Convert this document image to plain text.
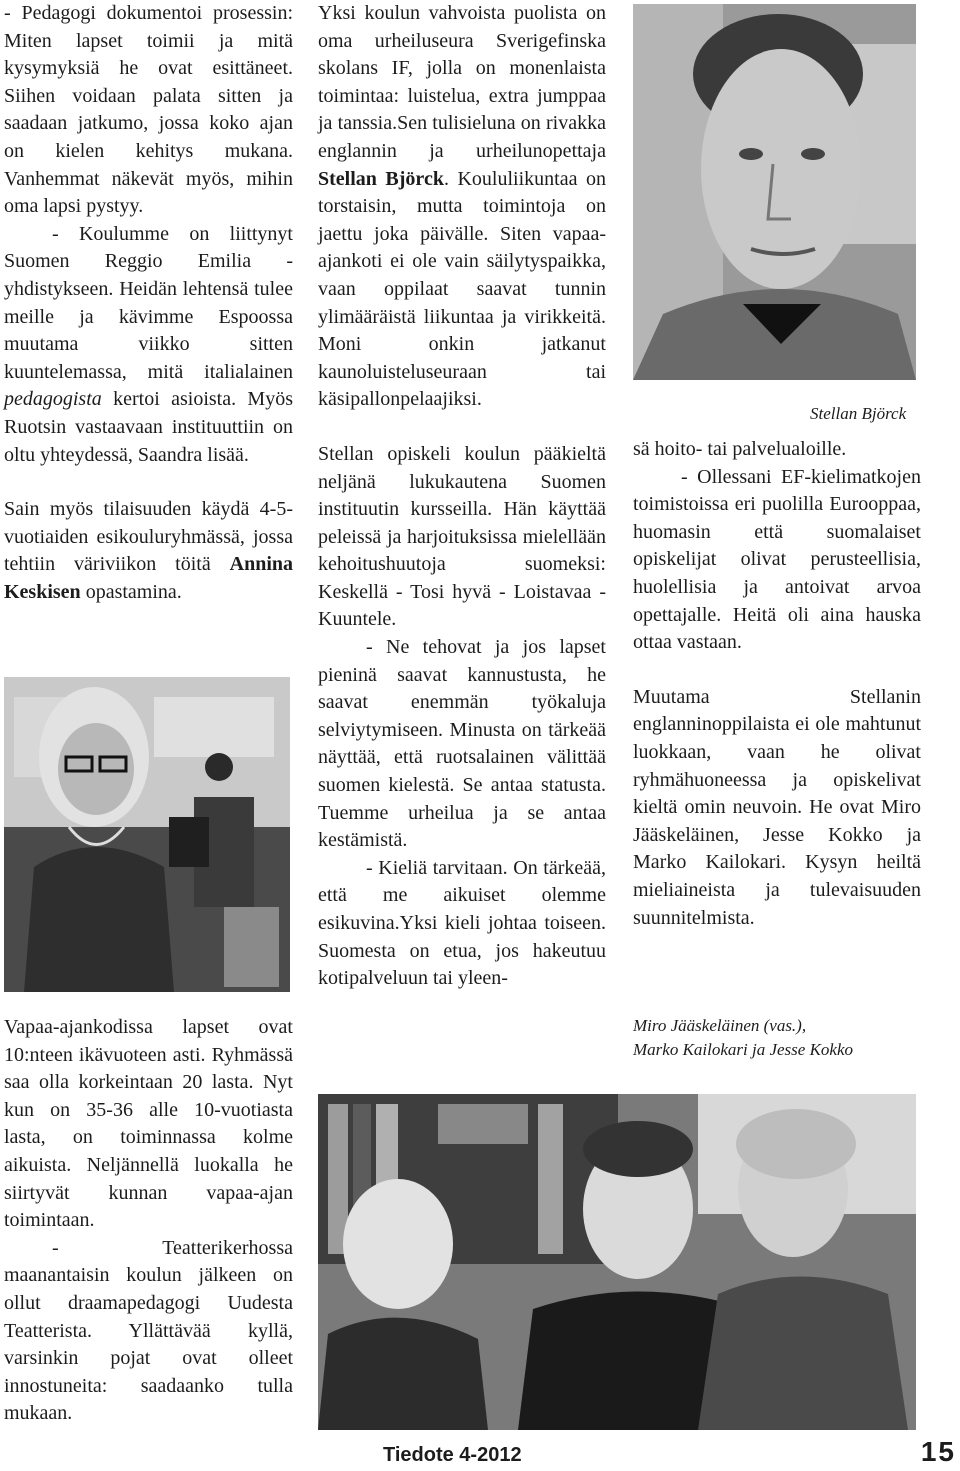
- Pedagogi dokumentoi prosessin: Miten lapset toimii ja mitä kysymyksiä he ovat esittäneet. Siihen voidaan palata sitten ja saadaan jatkumo, jossa koko ajan on kielen kehitys mukana. Vanhemmat näkevät myös, mihin oma lapsi pystyy.

- Koulumme on liittynyt Suomen Reggio Emilia -yhdistykseen. Heidän lehtensä tulee meille ja kävimme Espoossa muutama viikko sitten kuuntelemassa, mitä italialainen pedagogista kertoi asioista. Myös Ruotsin vastaavaan instituuttiin on oltu yhteydessä, Saandra lisää.

Sain myös tilaisuuden käydä 4-5-vuotiaiden esikouluryhmässä, jossa tehtiin väriviikon töitä Annina Keskisen opastamina.

Vapaa-ajankodissa lapset ovat 10:nteen ikävuoteen asti. Ryhmässä saa olla korkeintaan 20 lasta. Nyt kun on 35-36 alle 10-vuotiasta lasta, on toiminnassa kolme aikuista. Neljännellä luokalla he siirtyvät kunnan vapaa-ajan toimintaan.

- Teatterikerhossa maanantaisin koulun jälkeen on ollut draamapedagogi Uudesta Teatterista. Yllättävää kyllä, varsinkin pojat ovat olleet innostuneita: saadaanko tulla mukaan.

Yksi koulun vahvoista puolista on oma urheiluseura Sverigefinska skolans IF, jolla on monenlaista toimintaa: luistelua, extra jumppaa ja tanssia.Sen tulisieluna on rivakka englannin ja urheilunopettaja Stellan Björck. Koululiikuntaa on torstaisin, mutta toimintoja on jaettu joka päivälle. Siten vapaa-ajankoti ei ole vain säilytyspaikka, vaan oppilaat saavat tunnin ylimääräistä liikuntaa ja virikkeitä. Moni onkin jatkanut kaunoluisteluseuraan tai käsipallonpelaajiksi.

Stellan opiskeli koulun pääkieltä neljänä lukukautena Suomen instituutin kursseilla. Hän käyttää peleissä ja harjoituksissa mielellään kehoitushuutoja suomeksi: Keskellä - Tosi hyvä - Loistavaa - Kuuntele.

- Ne tehovat ja jos lapset pieninä saavat kannustusta, he saavat enemmän työkaluja selviytymiseen. Minusta on tärkeää näyttää, että ruotsalainen välittää suomen kielestä. Se antaa statusta. Tuemme urheilua ja se antaa kestämistä.

- Kieliä tarvitaan. On tärkeää, että me aikuiset olemme esikuvina.Yksi kieli johtaa toiseen. Suomesta on etua, jos hakeutuu kotipalveluun tai yleen-

Stellan Björck

sä hoito- tai palvelualoille.

- Ollessani EF-kielimatkojen toimistoissa eri puolilla Eurooppaa, huomasin että suomalaiset opiskelijat olivat perusteellisia, huolellisia ja antoivat arvoa opettajalle. Heitä oli aina hauska ottaa vastaan.

Muutama Stellanin englanninoppilaista ei ole mahtunut luokkaan, vaan he olivat ryhmähuoneessa ja opiskelivat kieltä omin neuvoin. He ovat Miro Jääskeläinen, Jesse Kokko ja Marko Kailokari. Kysyn heiltä mieliaineista ja tulevaisuuden suunnitelmista.

Miro Jääskeläinen (vas.),
Marko Kailokari ja Jesse Kokko
Tiedote 4-2012	15
